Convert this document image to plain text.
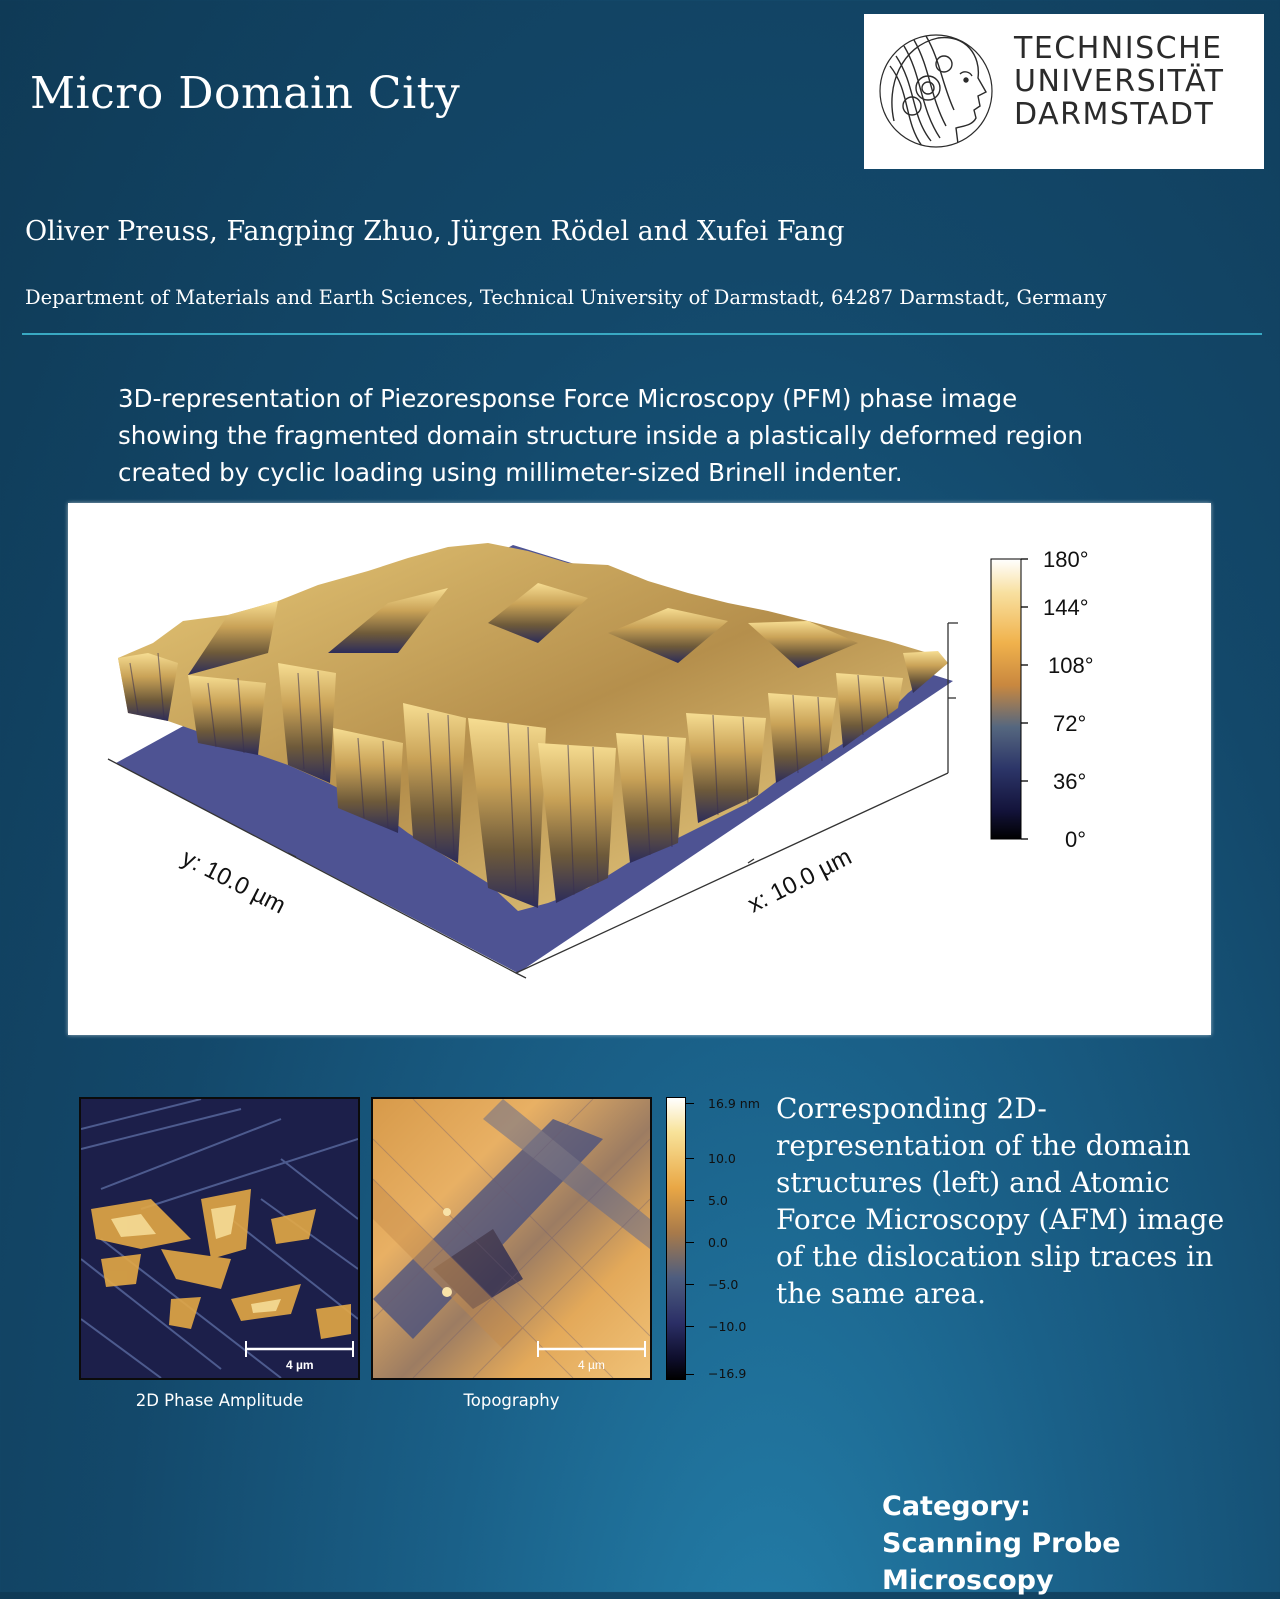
Micro Domain City
TECHNISCHE
UNIVERSITÄT
DARMSTADT
Oliver Preuss, Fangping Zhuo, Jürgen Rödel and Xufei Fang
Department of Materials and Earth Sciences, Technical University of Darmstadt, 64287 Darmstadt, Germany
3D-representation of Piezoresponse Force Microscopy (PFM) phase image
showing the fragmented domain structure inside a plastically deformed region
created by cyclic loading using millimeter-sized Brinell indenter.
y: 10.0 µm	x: 10.0 µm
180°
144°
108°
72°
36°
0°
4 µm
2D Phase Amplitude
4 µm
Topography
16.9 nm
10.0
5.0
0.0
−5.0
−10.0
−16.9
Corresponding 2D-
representation of the domain
structures (left) and Atomic
Force Microscopy (AFM) image
of the dislocation slip traces in
the same area.
Category:
Scanning Probe Microscopy
